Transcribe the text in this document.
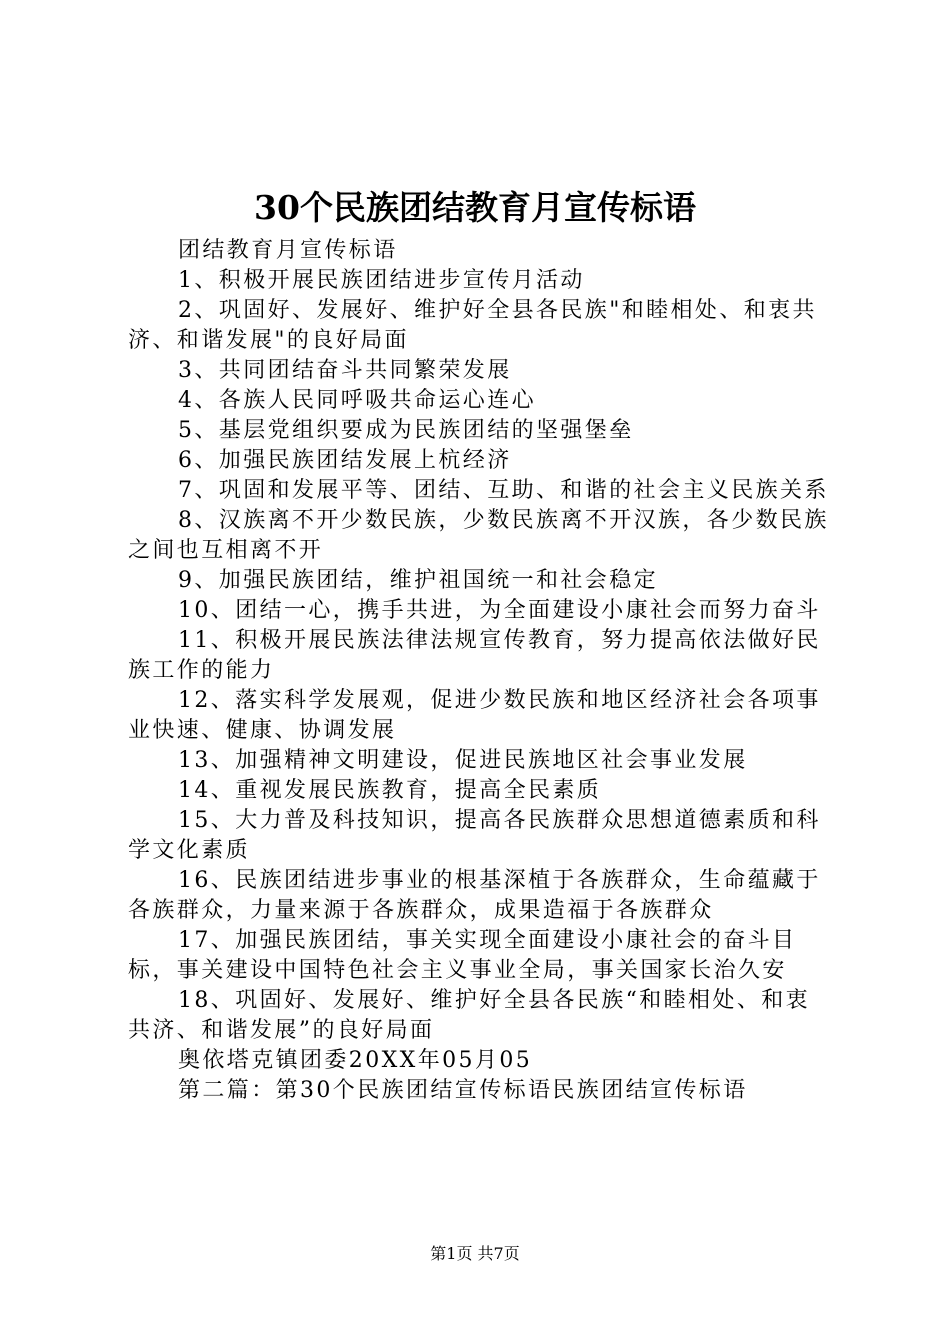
30个民族团结教育月宣传标语

团结教育月宣传标语

1、积极开展民族团结进步宣传月活动

2、巩固好、发展好、维护好全县各民族"和睦相处、和衷共济、和谐发展"的良好局面

3、共同团结奋斗共同繁荣发展

4、各族人民同呼吸共命运心连心

5、基层党组织要成为民族团结的坚强堡垒

6、加强民族团结发展上杭经济

7、巩固和发展平等、团结、互助、和谐的社会主义民族关系

8、汉族离不开少数民族，少数民族离不开汉族，各少数民族之间也互相离不开

9、加强民族团结，维护祖国统一和社会稳定

10、团结一心，携手共进，为全面建设小康社会而努力奋斗

11、积极开展民族法律法规宣传教育，努力提高依法做好民族工作的能力

12、落实科学发展观，促进少数民族和地区经济社会各项事业快速、健康、协调发展

13、加强精神文明建设，促进民族地区社会事业发展

14、重视发展民族教育，提高全民素质

15、大力普及科技知识，提高各民族群众思想道德素质和科学文化素质

16、民族团结进步事业的根基深植于各族群众，生命蕴藏于各族群众，力量来源于各族群众，成果造福于各族群众

17、加强民族团结，事关实现全面建设小康社会的奋斗目标，事关建设中国特色社会主义事业全局，事关国家长治久安

18、巩固好、发展好、维护好全县各民族“和睦相处、和衷共济、和谐发展”的良好局面

奥依塔克镇团委20XX年05月05

第二篇：第30个民族团结宣传标语民族团结宣传标语

第1页 共7页
